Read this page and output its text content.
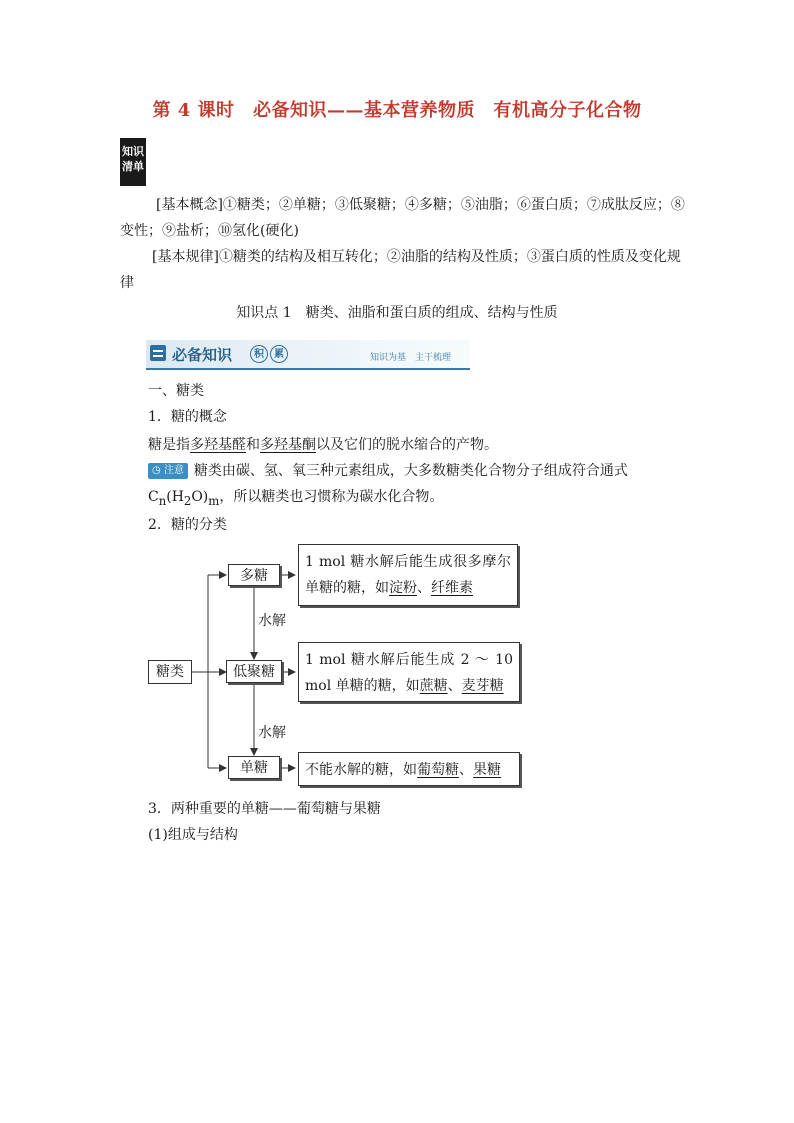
第 4 课时　必备知识——基本营养物质　有机高分子化合物
知识
清单
[基本概念]①糖类；②单糖；③低聚糖；④多糖；⑤油脂；⑥蛋白质；⑦成肽反应；⑧变性；⑨盐析；⑩氢化(硬化)
[基本规律]①糖类的结构及相互转化；②油脂的结构及性质；③蛋白质的性质及变化规律
知识点 1　糖类、油脂和蛋白质的组成、结构与性质
必备知识	积	累	知识为基　主干梳理
一、糖类
1．糖的概念
糖是指多羟基醛和多羟基酮以及它们的脱水缩合的产物。
◷ 注意 糖类由碳、氢、氧三种元素组成，大多数糖类化合物分子组成符合通式
$C_n(H_2O)_m$，所以糖类也习惯称为碳水化合物。
2．糖的分类
糖类
多糖
低聚糖
单糖
水解
水解
1 mol 糖水解后能生成很多摩尔单糖的糖，如淀粉、纤维素
1 mol 糖水解后能生成 2 ～ 10 mol 单糖的糖，如蔗糖、麦芽糖
不能水解的糖，如葡萄糖、果糖
3．两种重要的单糖——葡萄糖与果糖
(1)组成与结构
